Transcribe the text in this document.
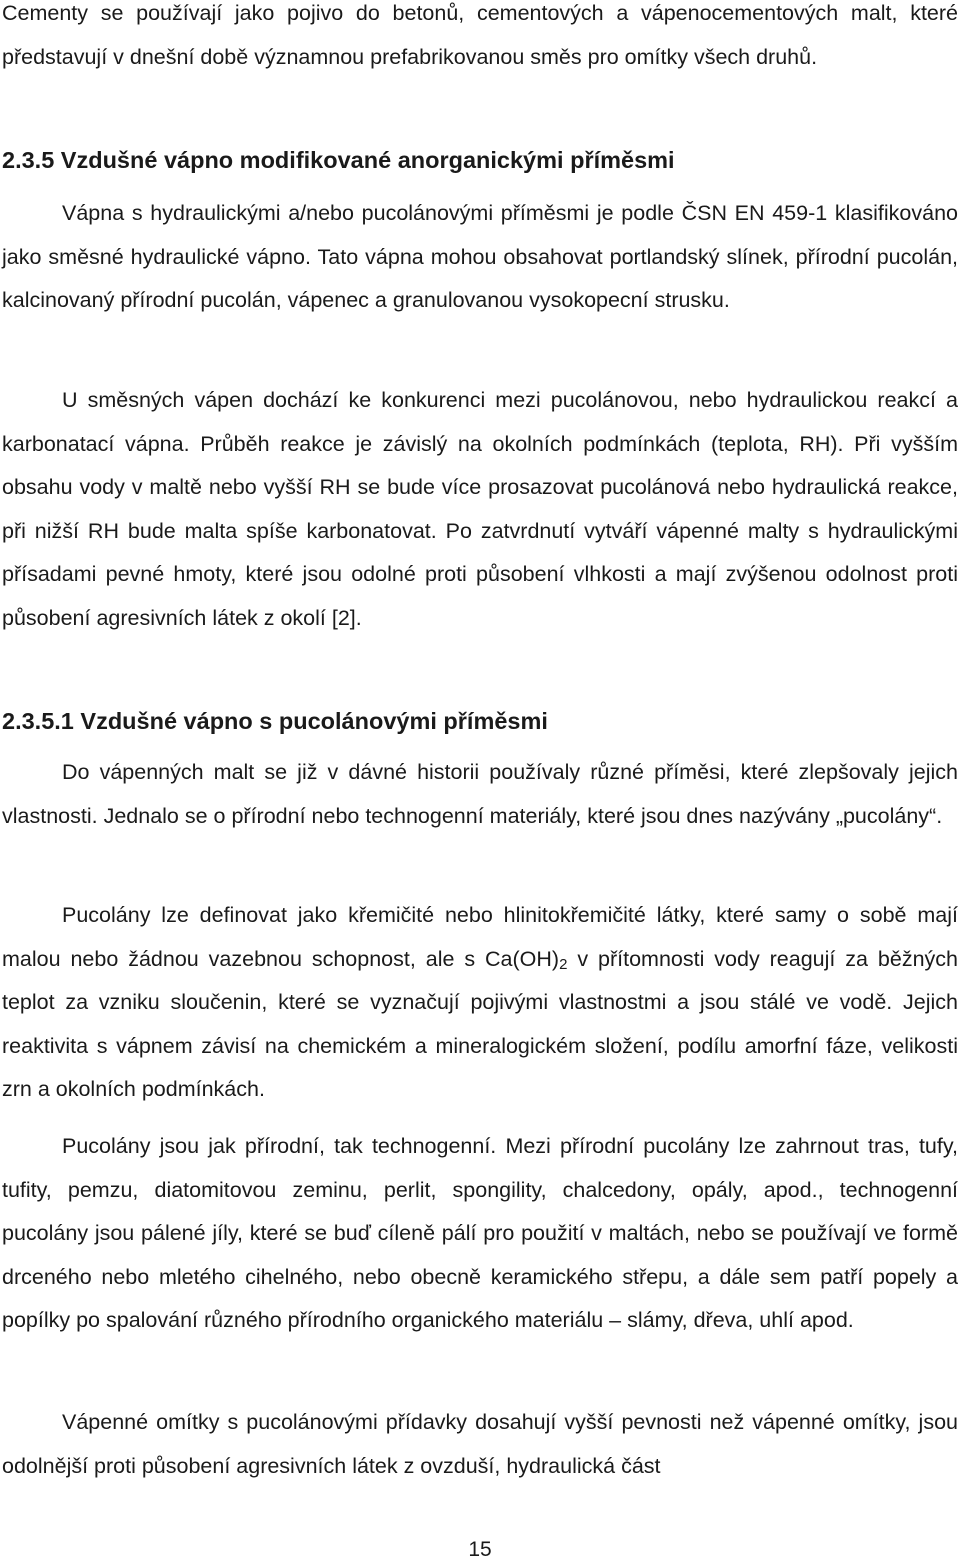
Cementy se používají jako pojivo do betonů, cementových a vápenocementových malt, které představují v dnešní době významnou prefabrikovanou směs pro omítky všech druhů.

2.3.5 Vzdušné vápno modifikované anorganickými příměsmi

Vápna s hydraulickými a/nebo pucolánovými příměsmi je podle ČSN EN 459-1 klasifikováno jako směsné hydraulické vápno. Tato vápna mohou obsahovat portlandský slínek, přírodní pucolán, kalcinovaný přírodní pucolán, vápenec a granulovanou vysokopecní strusku.

U směsných vápen dochází ke konkurenci mezi pucolánovou, nebo hydraulickou reakcí a karbonatací vápna. Průběh reakce je závislý na okolních podmínkách (teplota, RH). Při vyšším obsahu vody v maltě nebo vyšší RH se bude více prosazovat pucolánová nebo hydraulická reakce, při nižší RH bude malta spíše karbonatovat. Po zatvrdnutí vytváří vápenné malty s hydraulickými přísadami pevné hmoty, které jsou odolné proti působení vlhkosti a mají zvýšenou odolnost proti působení agresivních látek z okolí [2].

2.3.5.1 Vzdušné vápno s pucolánovými příměsmi

Do vápenných malt se již v dávné historii používaly různé příměsi, které zlepšovaly jejich vlastnosti. Jednalo se o přírodní nebo technogenní materiály, které jsou dnes nazývány „pucolány“.

Pucolány lze definovat jako křemičité nebo hlinitokřemičité látky, které samy o sobě mají malou nebo žádnou vazebnou schopnost, ale s $Ca(OH)_2$ v přítomnosti vody reagují za běžných teplot za vzniku sloučenin, které se vyznačují pojivými vlastnostmi a jsou stálé ve vodě. Jejich reaktivita s vápnem závisí na chemickém a mineralogickém složení, podílu amorfní fáze, velikosti zrn a okolních podmínkách.

Pucolány jsou jak přírodní, tak technogenní. Mezi přírodní pucolány lze zahrnout tras, tufy, tufity, pemzu, diatomitovou zeminu, perlit, spongility, chalcedony, opály, apod., technogenní pucolány jsou pálené jíly, které se buď cíleně pálí pro použití v maltách, nebo se používají ve formě drceného nebo mletého cihelného, nebo obecně keramického střepu, a dále sem patří popely a popílky po spalování různého přírodního organického materiálu – slámy, dřeva, uhlí apod.

Vápenné omítky s pucolánovými přídavky dosahují vyšší pevnosti než vápenné omítky, jsou odolnější proti působení agresivních látek z ovzduší, hydraulická část

15
